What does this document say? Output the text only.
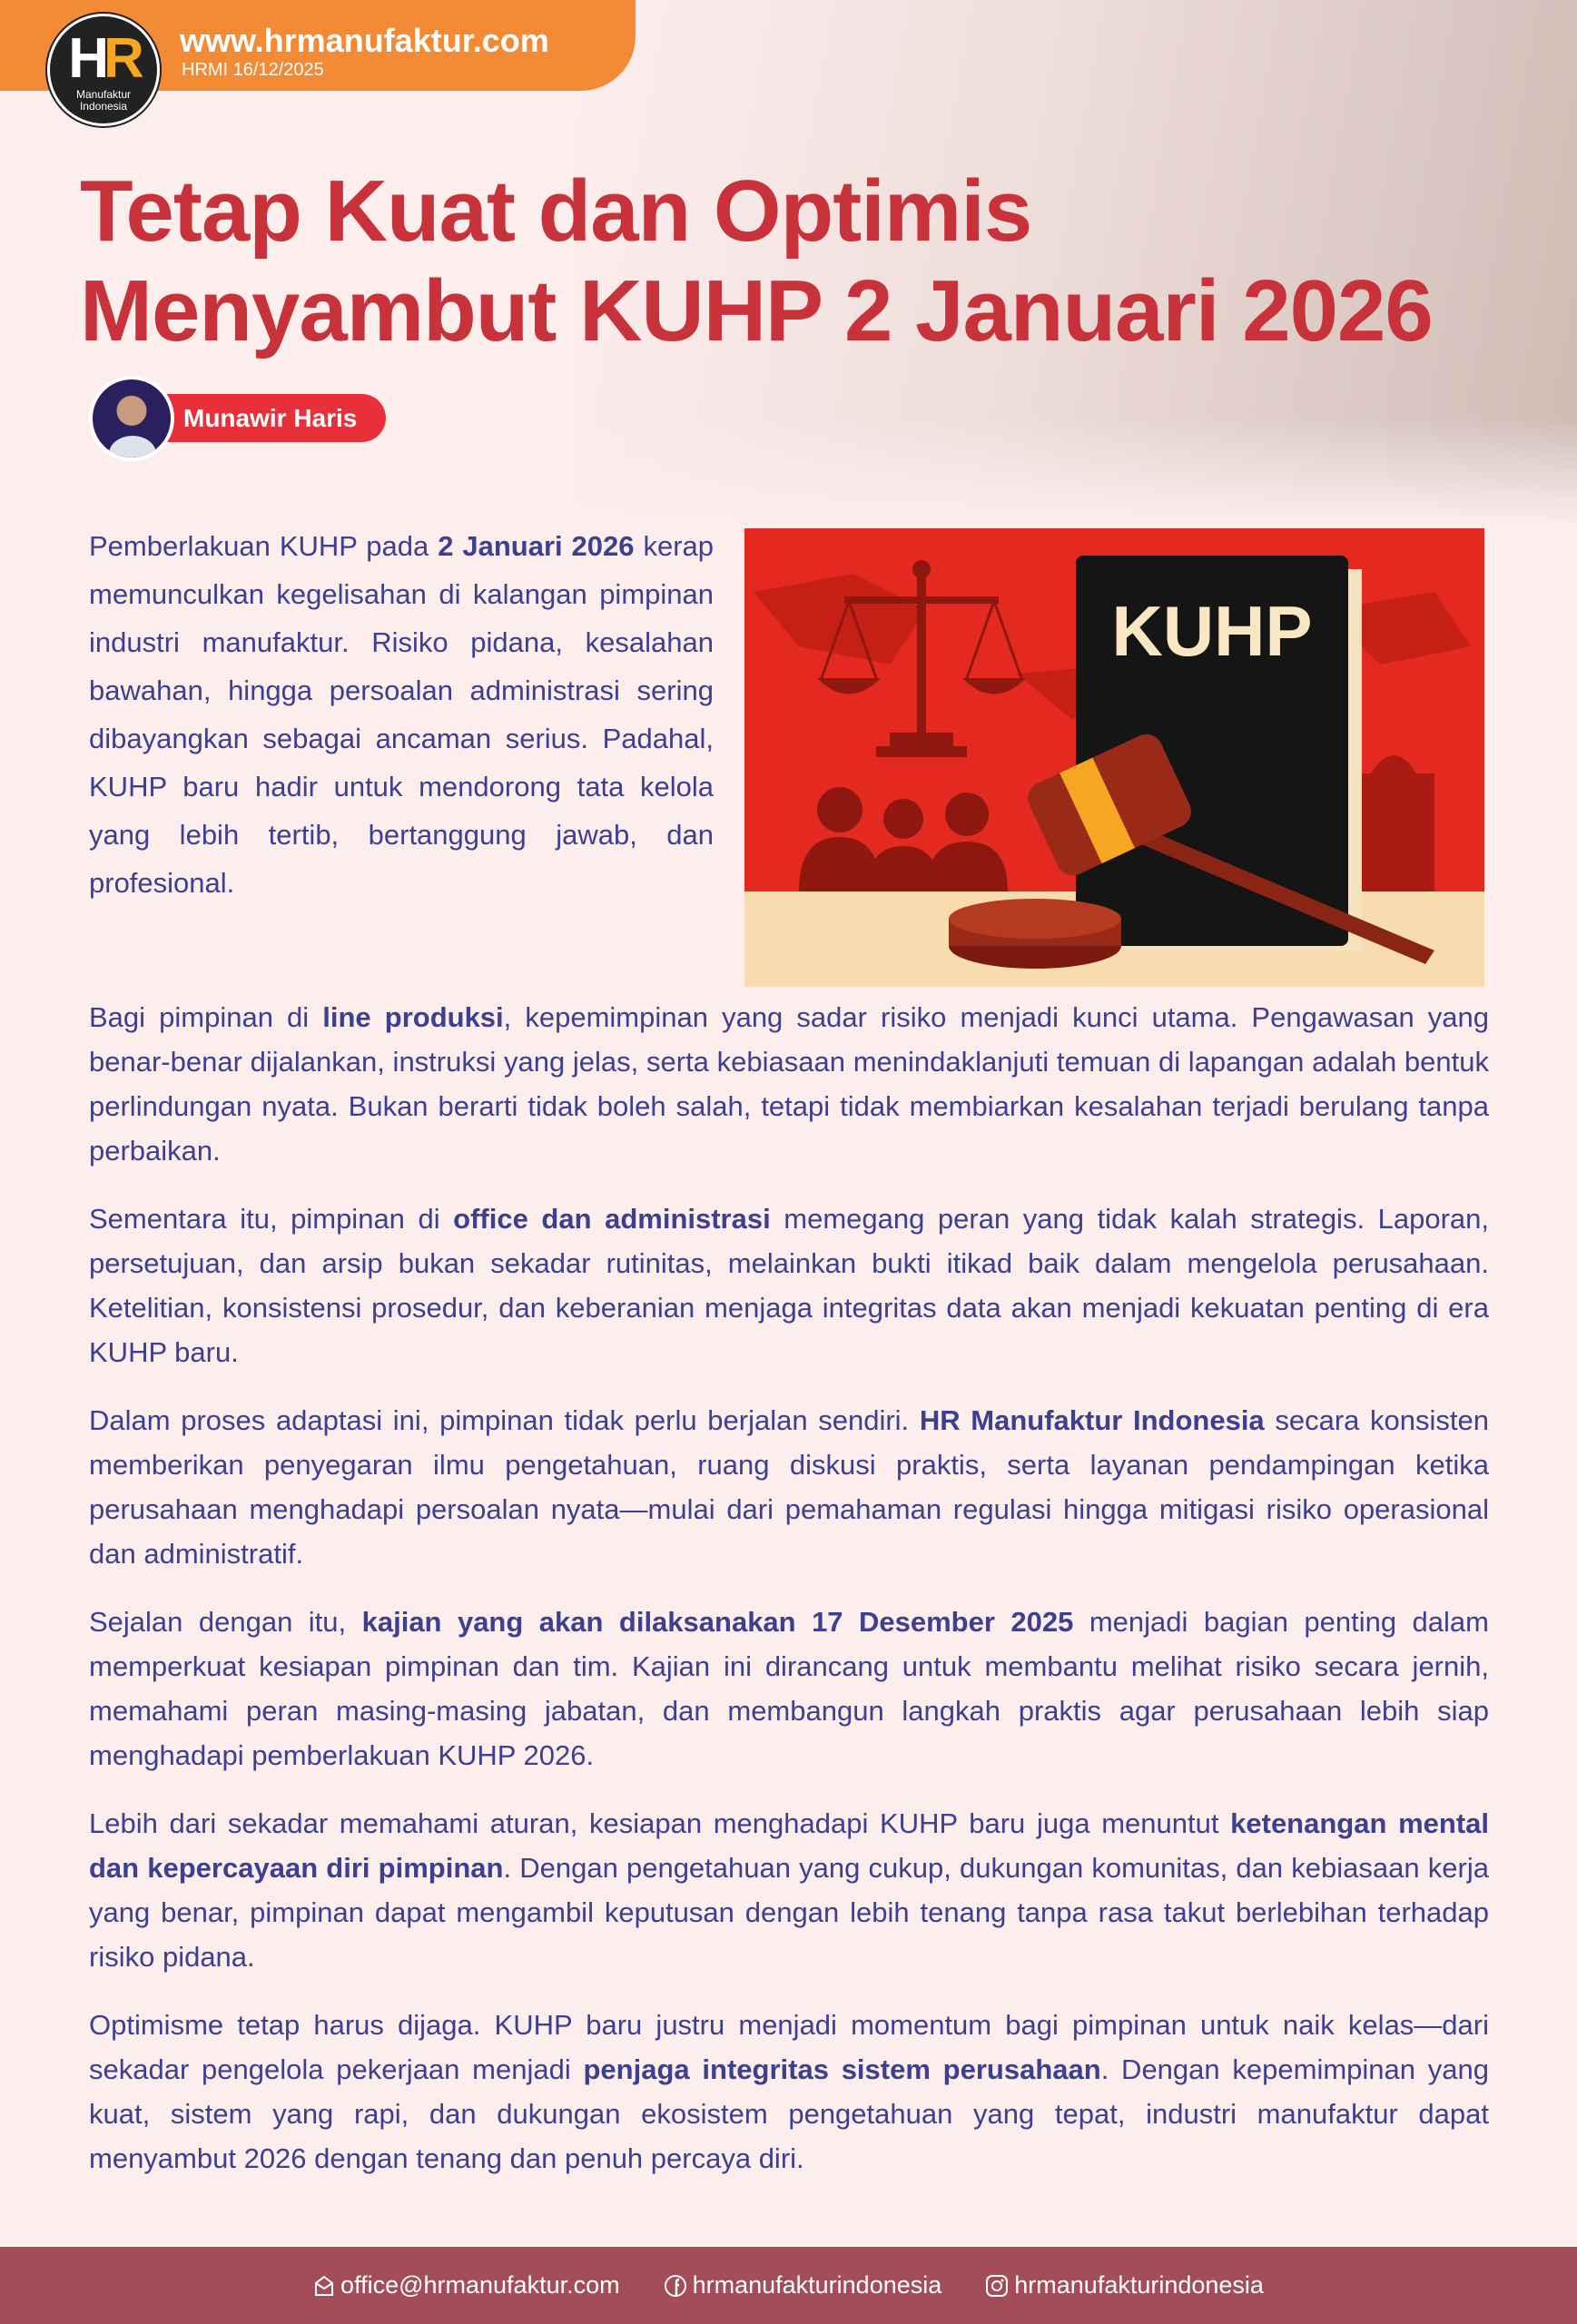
www.hrmanufaktur.com
HRMI 16/12/2025
HR
Manufaktur
Indonesia
Tetap Kuat dan Optimis
Menyambut KUHP 2 Januari 2026
Munawir Haris
Pemberlakuan KUHP pada 2 Januari 2026 kerap memunculkan kegelisahan di kalangan pimpinan industri manufaktur. Risiko pidana, kesalahan bawahan, hingga persoalan administrasi sering dibayangkan sebagai ancaman serius. Padahal, KUHP baru hadir untuk mendorong tata kelola yang lebih tertib, bertanggung jawab, dan profesional.
KUHP
Bagi pimpinan di line produksi, kepemimpinan yang sadar risiko menjadi kunci utama. Pengawasan yang benar-benar dijalankan, instruksi yang jelas, serta kebiasaan menindaklanjuti temuan di lapangan adalah bentuk perlindungan nyata. Bukan berarti tidak boleh salah, tetapi tidak membiarkan kesalahan terjadi berulang tanpa perbaikan.
Sementara itu, pimpinan di office dan administrasi memegang peran yang tidak kalah strategis. Laporan, persetujuan, dan arsip bukan sekadar rutinitas, melainkan bukti itikad baik dalam mengelola perusahaan. Ketelitian, konsistensi prosedur, dan keberanian menjaga integritas data akan menjadi kekuatan penting di era KUHP baru.
Dalam proses adaptasi ini, pimpinan tidak perlu berjalan sendiri. HR Manufaktur Indonesia secara konsisten memberikan penyegaran ilmu pengetahuan, ruang diskusi praktis, serta layanan pendampingan ketika perusahaan menghadapi persoalan nyata—mulai dari pemahaman regulasi hingga mitigasi risiko operasional dan administratif.
Sejalan dengan itu, kajian yang akan dilaksanakan 17 Desember 2025 menjadi bagian penting dalam memperkuat kesiapan pimpinan dan tim. Kajian ini dirancang untuk membantu melihat risiko secara jernih, memahami peran masing-masing jabatan, dan membangun langkah praktis agar perusahaan lebih siap menghadapi pemberlakuan KUHP 2026.
Lebih dari sekadar memahami aturan, kesiapan menghadapi KUHP baru juga menuntut ketenangan mental dan kepercayaan diri pimpinan. Dengan pengetahuan yang cukup, dukungan komunitas, dan kebiasaan kerja yang benar, pimpinan dapat mengambil keputusan dengan lebih tenang tanpa rasa takut berlebihan terhadap risiko pidana.
Optimisme tetap harus dijaga. KUHP baru justru menjadi momentum bagi pimpinan untuk naik kelas—dari sekadar pengelola pekerjaan menjadi penjaga integritas sistem perusahaan. Dengan kepemimpinan yang kuat, sistem yang rapi, dan dukungan ekosistem pengetahuan yang tepat, industri manufaktur dapat menyambut 2026 dengan tenang dan penuh percaya diri.
office@hrmanufaktur.com	hrmanufakturindonesia	hrmanufakturindonesia
